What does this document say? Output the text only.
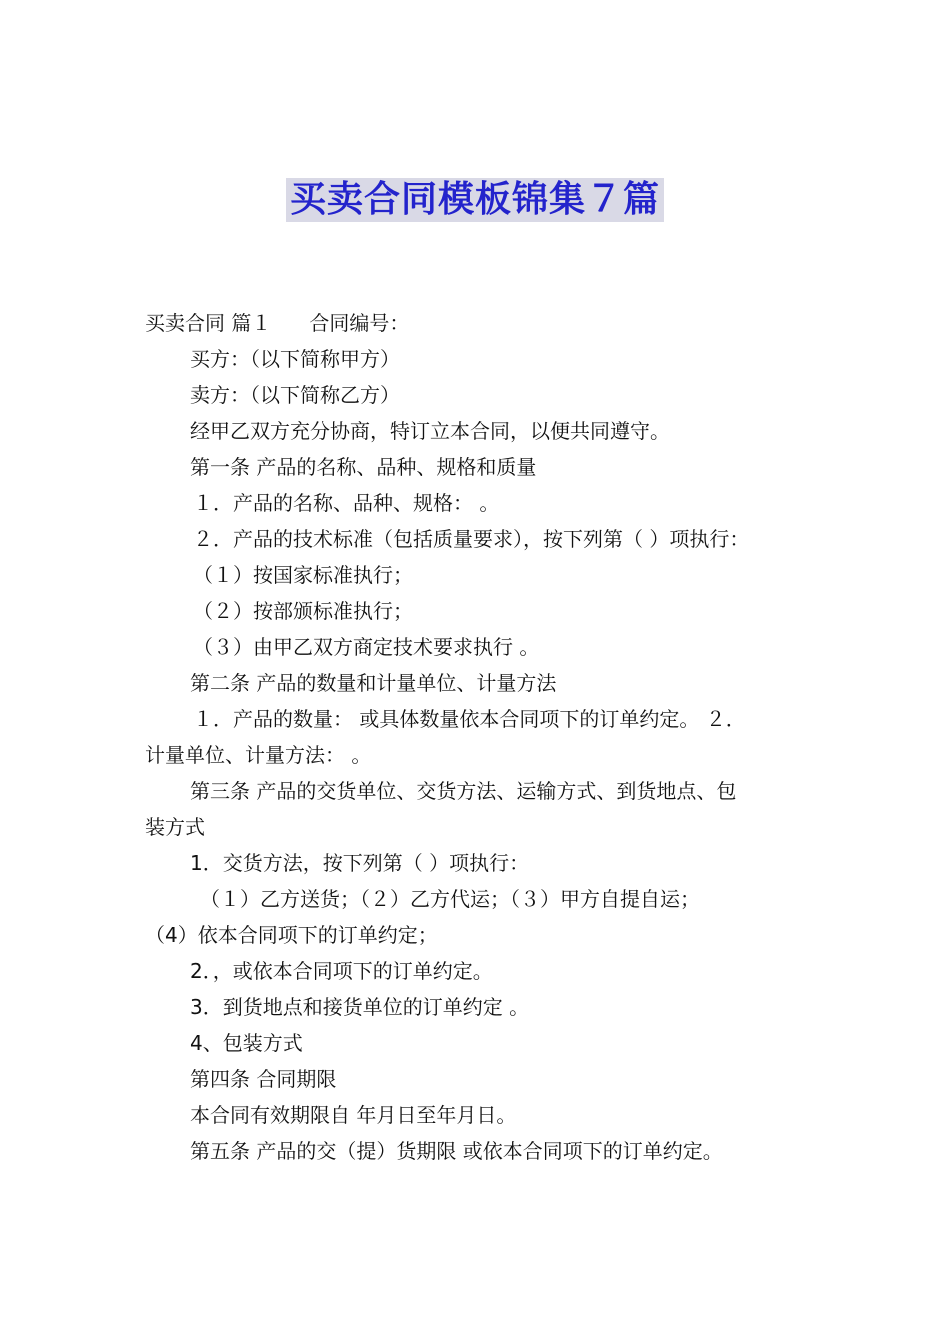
买卖合同模板锦集７篇
买卖合同 篇１ 合同编号：
买方：（以下简称甲方）
卖方：（以下简称乙方）
经甲乙双方充分协商，特订立本合同，以便共同遵守。
第一条 产品的名称、品种、规格和质量
１．产品的名称、品种、规格： 。
２．产品的技术标准（包括质量要求），按下列第（ ）项执行：
（１）按国家标准执行；
（２）按部颁标准执行；
（３）由甲乙双方商定技术要求执行 。
第二条 产品的数量和计量单位、计量方法
１．产品的数量： 或具体数量依本合同项下的订单约定。 ２．
计量单位、计量方法： 。
第三条 产品的交货单位、交货方法、运输方式、到货地点、包
装方式
1．交货方法，按下列第（ ）项执行：
（１）乙方送货；（２）乙方代运；（３）甲方自提自运；
（4）依本合同项下的订单约定；
2．，或依本合同项下的订单约定。
3．到货地点和接货单位的订单约定 。
4、包装方式
第四条 合同期限
本合同有效期限自 年月日至年月日。
第五条 产品的交（提）货期限 或依本合同项下的订单约定。
